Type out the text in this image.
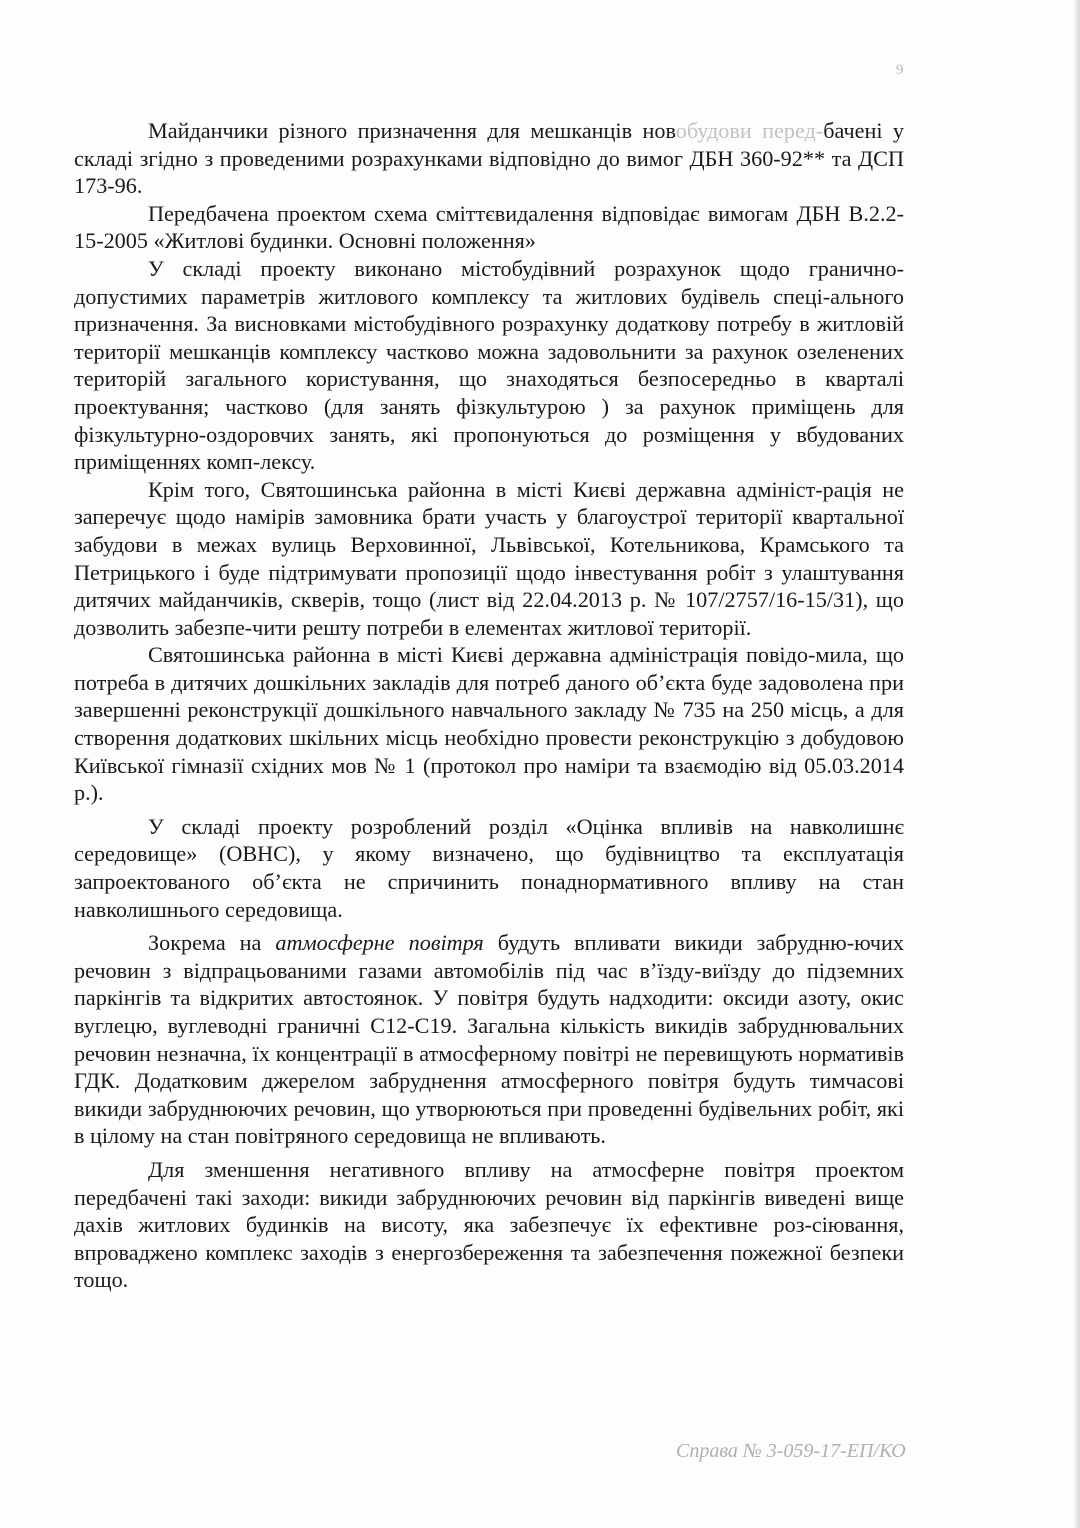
9

Майданчики різного призначення для мешканців новобудови перед-бачені у складі згідно з проведеними розрахунками відповідно до вимог ДБН 360-92** та ДСП 173-96.

Передбачена проектом схема сміттєвидалення відповідає вимогам ДБН В.2.2-15-2005 «Житлові будинки. Основні положення»

У складі проекту виконано містобудівний розрахунок щодо гранично-допустимих параметрів житлового комплексу та житлових будівель спеці-ального призначення. За висновками містобудівного розрахунку додаткову потребу в житловій території мешканців комплексу частково можна задовольнити за рахунок озеленених територій загального користування, що знаходяться безпосередньо в кварталі проектування; частково (для занять фізкультурою ) за рахунок приміщень для фізкультурно-оздоровчих занять, які пропонуються до розміщення у вбудованих приміщеннях комп-лексу.

Крім того, Святошинська районна в місті Києві державна адмініст-рація не заперечує щодо намірів замовника брати участь у благоустрої території квартальної забудови в межах вулиць Верховинної, Львівської, Котельникова, Крамського та Петрицького і буде підтримувати пропозиції щодо інвестування робіт з улаштування дитячих майданчиків, скверів, тощо (лист від 22.04.2013 р. № 107/2757/16-15/31), що дозволить забезпе-чити решту потреби в елементах житлової території.

Святошинська районна в місті Києві державна адміністрація повідо-мила, що потреба в дитячих дошкільних закладів для потреб даного об’єкта буде задоволена при завершенні реконструкції дошкільного навчального закладу № 735 на 250 місць, а для створення додаткових шкільних місць необхідно провести реконструкцію з добудовою Київської гімназії східних мов № 1 (протокол про наміри та взаємодію від 05.03.2014 р.).

У складі проекту розроблений розділ «Оцінка впливів на навколишнє середовище» (ОВНС), у якому визначено, що будівництво та експлуатація запроектованого об’єкта не спричинить понаднормативного впливу на стан навколишнього середовища.

Зокрема на атмосферне повітря будуть впливати викиди забрудню-ючих речовин з відпрацьованими газами автомобілів під час в’їзду-виїзду до підземних паркінгів та відкритих автостоянок. У повітря будуть надходити: оксиди азоту, окис вуглецю, вуглеводні граничні С12-С19. Загальна кількість викидів забруднювальних речовин незначна, їх концентрації в атмосферному повітрі не перевищують нормативів ГДК. Додатковим джерелом забруднення атмосферного повітря будуть тимчасові викиди забруднюючих речовин, що утворюються при проведенні будівельних робіт, які в цілому на стан повітряного середовища не впливають.

Для зменшення негативного впливу на атмосферне повітря проектом передбачені такі заходи: викиди забруднюючих речовин від паркінгів виведені вище дахів житлових будинків на висоту, яка забезпечує їх ефективне роз-сіювання, впроваджено комплекс заходів з енергозбереження та забезпечення пожежної безпеки тощо.

Справа № 3-059-17-ЕП/КО
